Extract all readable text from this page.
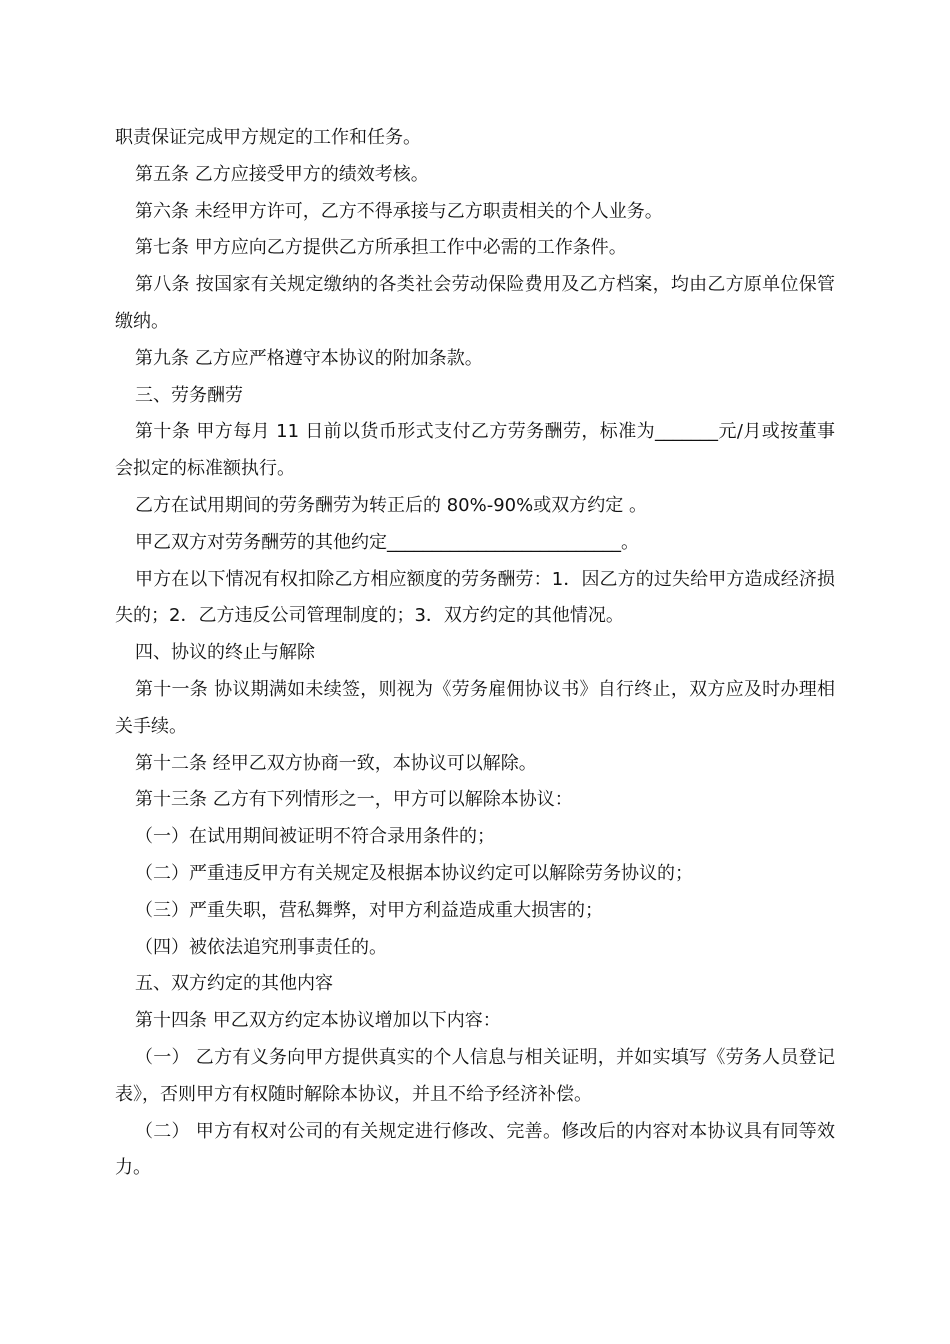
职责保证完成甲方规定的工作和任务。

第五条 乙方应接受甲方的绩效考核。

第六条 未经甲方许可，乙方不得承接与乙方职责相关的个人业务。

第七条 甲方应向乙方提供乙方所承担工作中必需的工作条件。

第八条 按国家有关规定缴纳的各类社会劳动保险费用及乙方档案，均由乙方原单位保管缴纳。

第九条 乙方应严格遵守本协议的附加条款。

三、劳务酬劳

第十条 甲方每月 11 日前以货币形式支付乙方劳务酬劳，标准为_______元/月或按董事会拟定的标准额执行。

乙方在试用期间的劳务酬劳为转正后的 80%-90%或双方约定 。

甲乙双方对劳务酬劳的其他约定__________________________。

甲方在以下情况有权扣除乙方相应额度的劳务酬劳：1．因乙方的过失给甲方造成经济损失的；2．乙方违反公司管理制度的；3．双方约定的其他情况。

四、协议的终止与解除

第十一条 协议期满如未续签，则视为《劳务雇佣协议书》自行终止，双方应及时办理相关手续。

第十二条 经甲乙双方协商一致，本协议可以解除。

第十三条 乙方有下列情形之一，甲方可以解除本协议：

（一）在试用期间被证明不符合录用条件的；

（二）严重违反甲方有关规定及根据本协议约定可以解除劳务协议的；

（三）严重失职，营私舞弊，对甲方利益造成重大损害的；

（四）被依法追究刑事责任的。

五、双方约定的其他内容

第十四条 甲乙双方约定本协议增加以下内容：

（一） 乙方有义务向甲方提供真实的个人信息与相关证明，并如实填写《劳务人员登记表》，否则甲方有权随时解除本协议，并且不给予经济补偿。

（二） 甲方有权对公司的有关规定进行修改、完善。修改后的内容对本协议具有同等效力。
